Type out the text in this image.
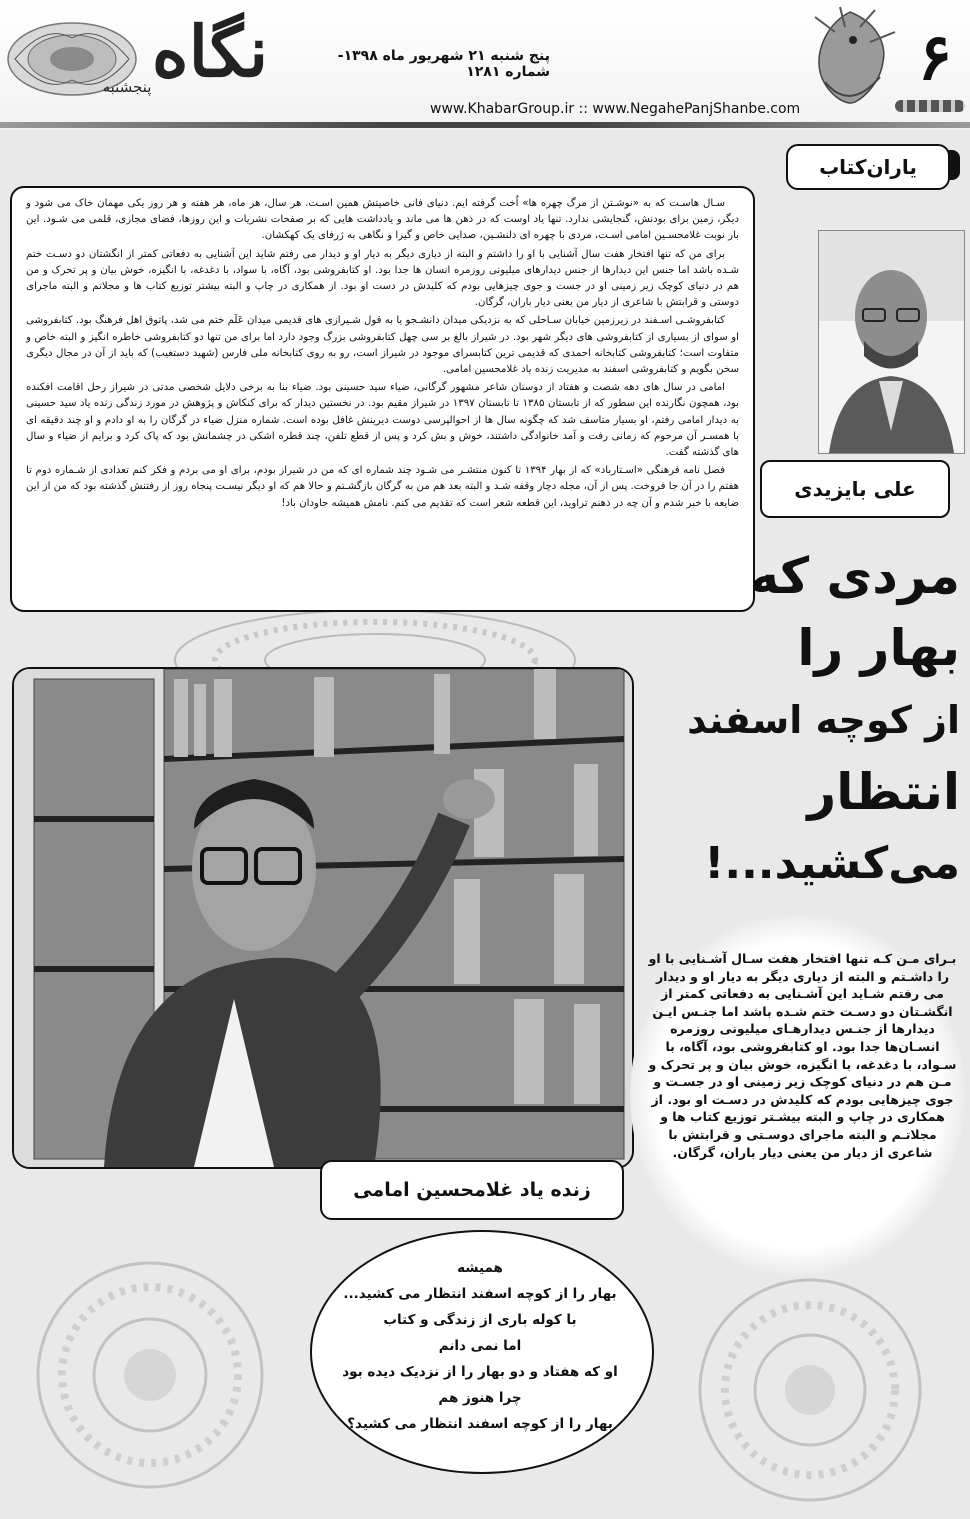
نگاه
پنجشنبه
پنج شنبه ۲۱ شهریور ماه ۱۳۹۸- شماره ۱۲۸۱
www.KhabarGroup.ir :: www.NegahePanjShanbe.com
۶
یاران‌کتاب

سـال هاسـت که به «نوشـتن از مرگ چهره ها» اُخت گرفته ایم. دنیای فانی خاصیتش همین اسـت. هر سال، هر ماه، هر هفته و هر روز یکی مهمان خاک می شود و دیگر، زمین برای بودنش، گنجایشی ندارد. تنها یاد اوست که در ذهن ها می ماند و یادداشت هایی که بر صفحات نشریات و این روزها، فضای مجازی، قلمی می شـود. این بار نوبت غلامحسـین امامی اسـت، مردی با چهره ای دلنشـین، صدایی خاص و گیرا و نگاهی به ژرفای یک کهکشان.

برای من که تنها افتخار هفت سال آشنایی با او را داشتم و البته از دیاری دیگر به دیار او و دیدار می رفتم شاید این آشنایی به دفعاتی کمتر از انگشتان دو دسـت ختم شـده باشد اما جنس این دیدارها از جنس دیدارهای میلیونی روزمره انسان ها جدا بود. او کتابفروشی بود، آگاه، با سواد، با دغدغه، با انگیزه، خوش بیان و پر تحرک و من هم در دنیای کوچک زیر زمینی او در جست و جوی چیزهایی بودم که کلیدش در دست او بود. از همکاری در چاپ و البته بیشتر توزیع کتاب ها و مجلاتم و البته ماجرای دوستی و قرابتش با شاعری از دیار من یعنی دیار باران، گرگان.

کتابفروشـی اسـفند در زیرزمین خیابان سـاحلی که به نزدیکی میدان دانشـجو یا به قول شـیرازی های قدیمی میدان عَلَم ختم می شد، پاتوق اهل فرهنگ بود. کتابفروشی او سوای از بسیاری از کتابفروشی های دیگر شهر بود. در شیراز بالغ بر سی چهل کتابفروشی بزرگ وجود دارد اما برای من تنها دو کتابفروشی خاطره انگیز و البته خاص و متفاوت است؛ کتابفروشی کتابخانه احمدی که قدیمی ترین کتابسرای موجود در شیراز است، رو به روی کتابخانه ملی فارس (شهید دستغیب) که باید از آن در مجال دیگری سخن بگویم و کتابفروشی اسفند به مدیریت زنده یاد غلامحسین امامی.

امامی در سال های دهه شصت و هفتاد از دوستان شاعر مشهور گرگانی، ضیاء سید حسینی بود. ضیاء بنا به برخی دلایل شخصی مدتی در شیراز رحل اقامت افکنده بود، همچون نگارنده این سطور که از تابستان ۱۳۸۵ تا تابستان ۱۳۹۷ در شیراز مقیم بود. در نخستین دیدار که برای کنکاش و پژوهش در مورد زندگی زنده یاد سید حسینی به دیدار امامی رفتم، او بسیار متاسف شد که چگونه سال ها از احوالپرسی دوست دیرینش غافل بوده است. شماره منزل ضیاء در گرگان را به او دادم و او چند دقیقه ای با همسـر آن مرحوم که زمانی رفت و آمد خانوادگی داشتند، خوش و بش کرد و پس از قطع تلفن، چند قطره اشکی در چشمانش بود که پاک کرد و برایم از ضیاء و سال های گذشته گفت.

فصل نامه فرهنگی «اسـتارباد» که از بهار ۱۳۹۴ تا کنون منتشـر می شـود چند شماره ای که من در شیراز بودم، برای او می بردم و فکر کنم تعدادی از شـماره دوم تا هفتم را در آن جا فروخت. پس از آن، مجله دچار وقفه شـد و البته بعد هم من به گرگان بازگشـتم و حالا هم که او دیگر نیسـت پنجاه روز از رفتنش گذشته بود که من از این ضایعه با خبر شدم و آن چه در ذهنم تراوید، این قطعه شعر است که تقدیم می کنم. نامش همیشه جاودان باد!

علی بایزیدی
مردی که
بهار را
از کوچه اسفند
انتظار
می‌کشید...!
زنده یاد غلامحسین امامی
بـرای مـن کـه تنها افتخار هفت سـال آشـنایی با او را داشـتم و البته از دیاری دیگر به دیار او و دیدار می رفتم شـاید این آشـنایی به دفعاتی کمتر از انگشـتان دو دسـت ختم شـده باشد اما جنـس ایـن دیدارها از جنـس دیدارهـای میلیونی روزمره انسـان‌ها جدا بود. او کتابفروشی بود، آگاه، با سـواد، با دغدغه، با انگیزه، خوش بیان و پر تحرک و مـن هم در دنیای کوچک زیر زمینی او در جسـت و جوی چیزهایی بودم که کلیدش در دسـت او بود. از همکاری در چاپ و البته بیشـتر توزیع کتاب ها و مجلاتـم و البته ماجرای دوسـتی و قرابتش با شاعری از دیار من یعنی دیار باران، گرگان.
همیشه
بهار را از کوچه اسفند انتظار می کشید...
با کوله باری از زندگی و کتاب
اما نمی دانم
او که هفتاد و دو بهار را از نزدیک دیده بود
چرا هنوز هم
بهار را از کوچه اسفند انتظار می کشید؟
